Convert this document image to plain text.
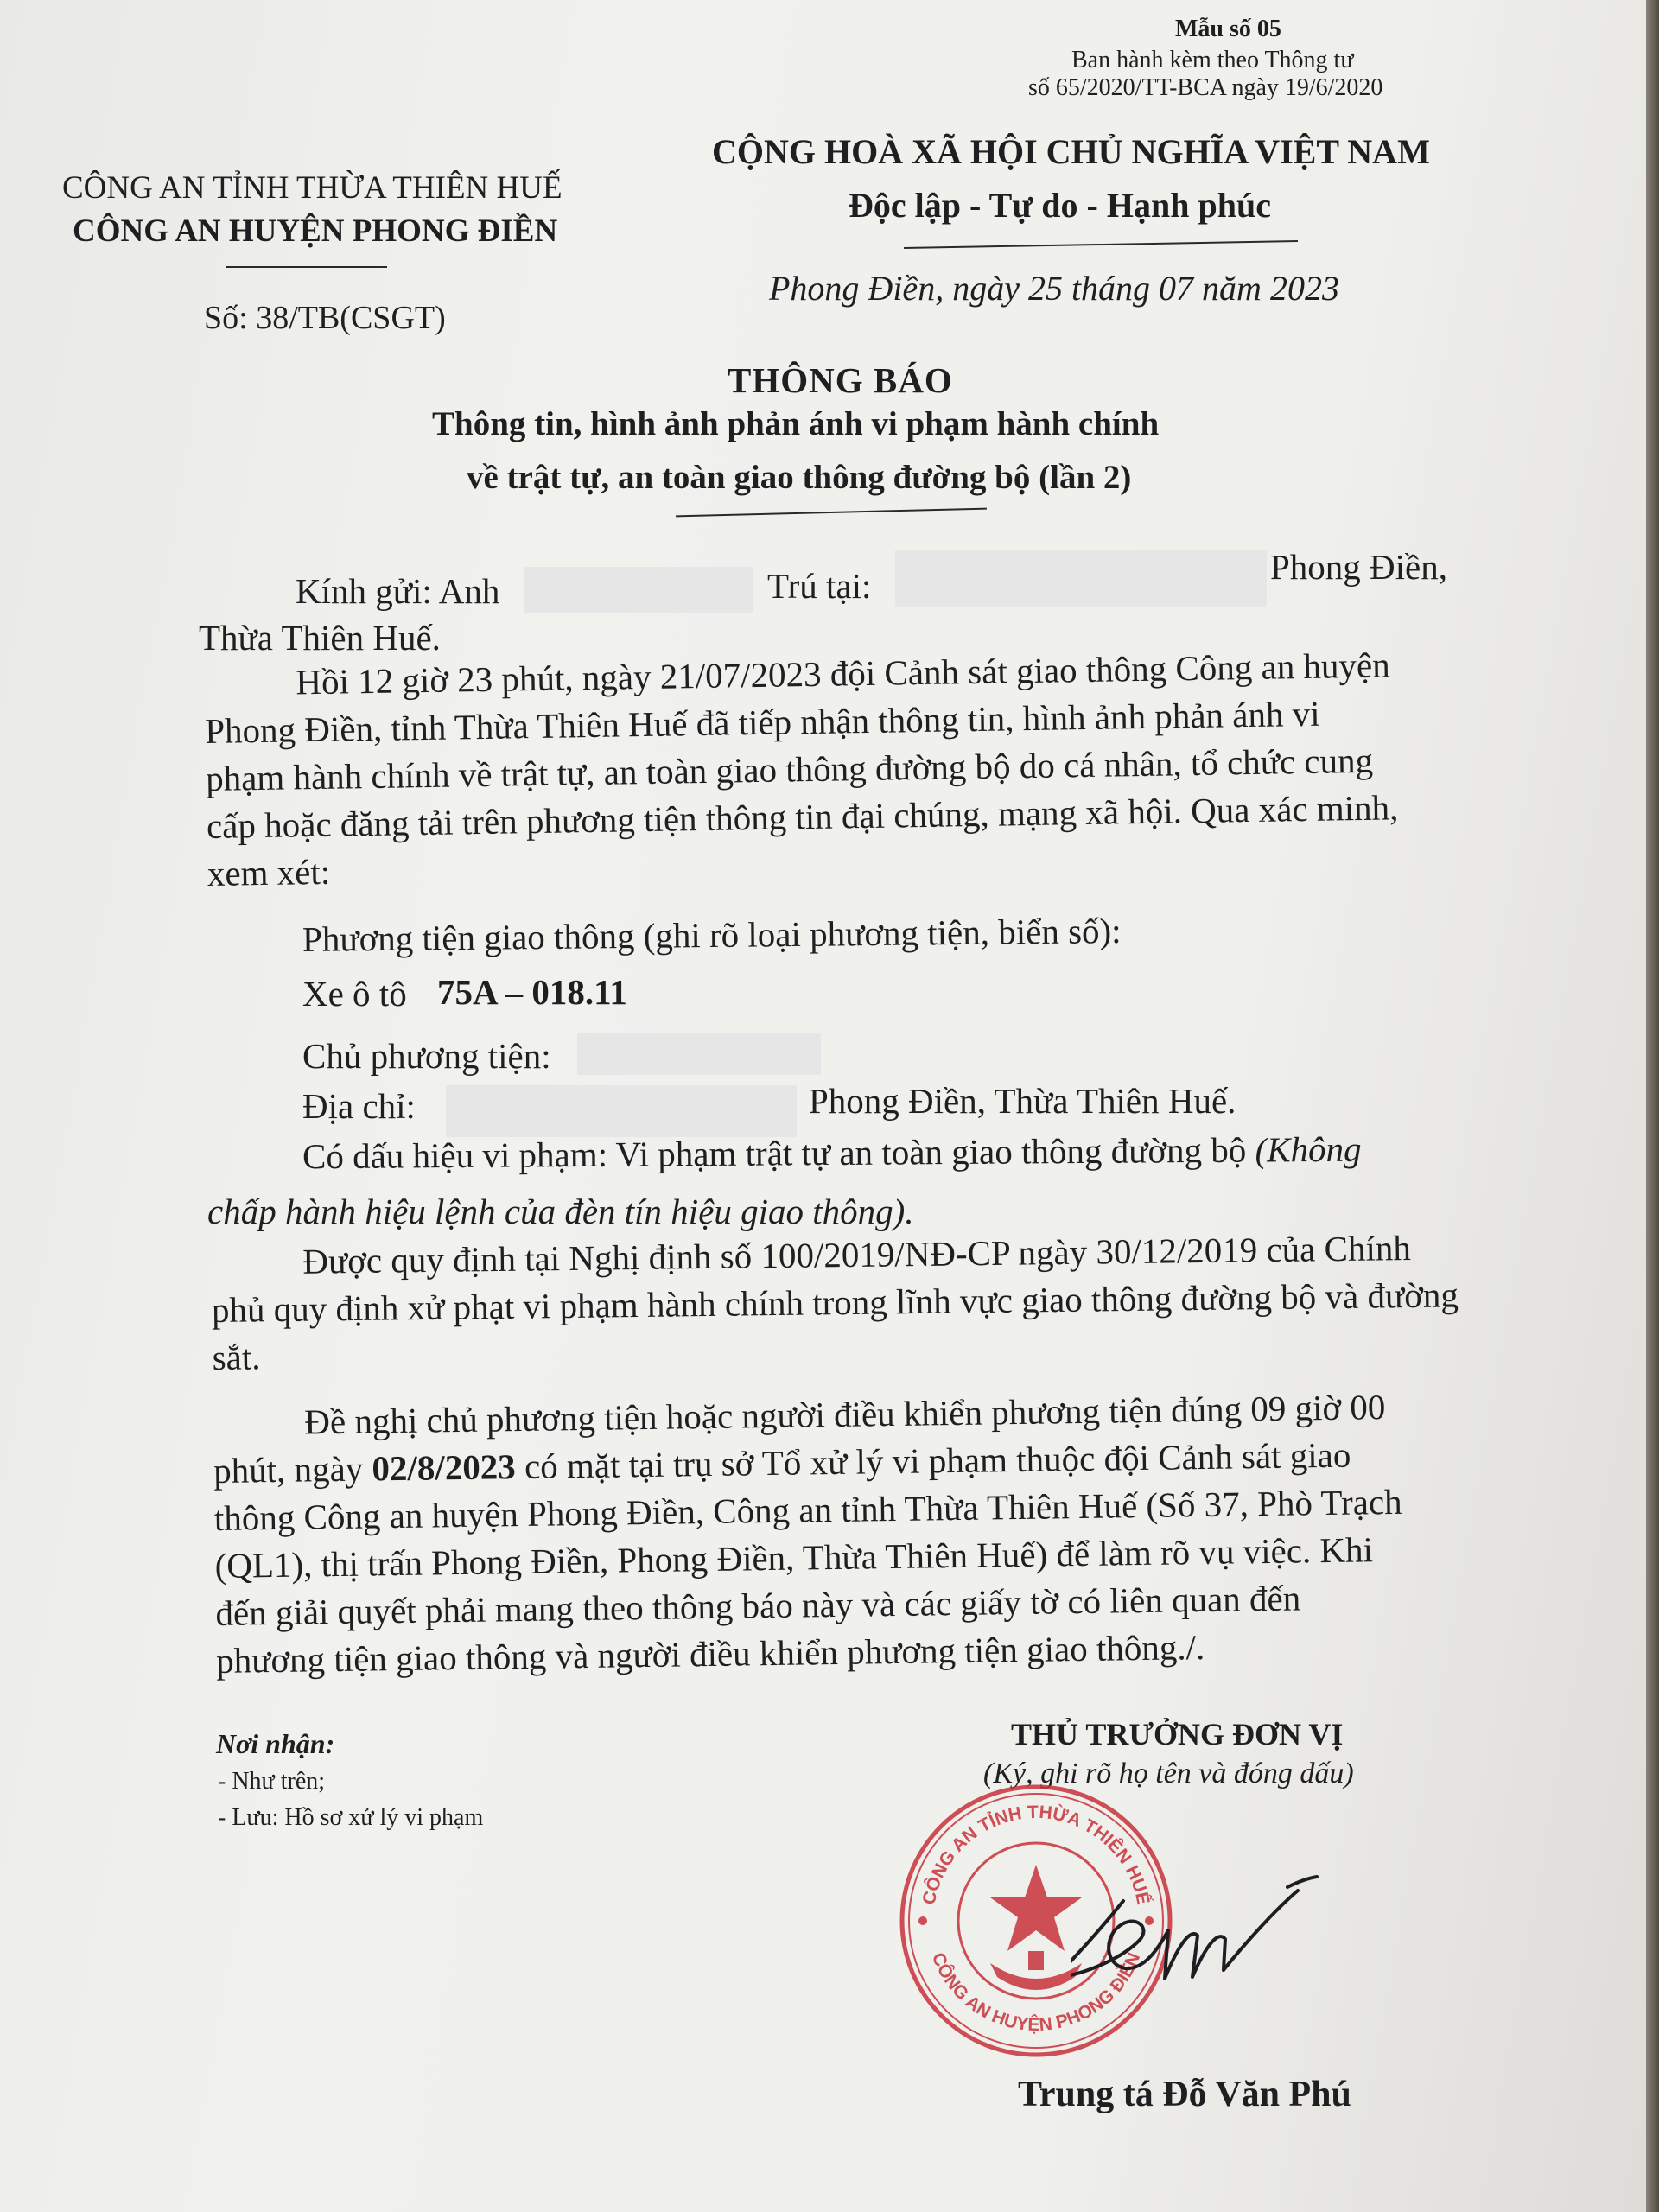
Mẫu số 05
Ban hành kèm theo Thông tư
số 65/2020/TT-BCA ngày 19/6/2020
CÔNG AN TỈNH THỪA THIÊN HUẾ
CÔNG AN HUYỆN PHONG ĐIỀN
Số: 38/TB(CSGT)
CỘNG HOÀ XÃ HỘI CHỦ NGHĨA VIỆT NAM
Độc lập - Tự do - Hạnh phúc
Phong Điền, ngày 25 tháng 07 năm 2023
THÔNG BÁO
Thông tin, hình ảnh phản ánh vi phạm hành chính
về trật tự, an toàn giao thông đường bộ (lần 2)
Kính gửi: Anh	Trú tại:	Phong Điền,
Thừa Thiên Huế.
Hồi 12 giờ 23 phút, ngày 21/07/2023 đội Cảnh sát giao thông Công an huyện
Phong Điền, tỉnh Thừa Thiên Huế đã tiếp nhận thông tin, hình ảnh phản ánh vi
phạm hành chính về trật tự, an toàn giao thông đường bộ do cá nhân, tổ chức cung
cấp hoặc đăng tải trên phương tiện thông tin đại chúng, mạng xã hội. Qua xác minh,
xem xét:
Phương tiện giao thông (ghi rõ loại phương tiện, biển số):
Xe ô tô 75A – 018.11
Chủ phương tiện:
Địa chỉ:	Phong Điền, Thừa Thiên Huế.
Có dấu hiệu vi phạm: Vi phạm trật tự an toàn giao thông đường bộ (Không
chấp hành hiệu lệnh của đèn tín hiệu giao thông).
Được quy định tại Nghị định số 100/2019/NĐ-CP ngày 30/12/2019 của Chính
phủ quy định xử phạt vi phạm hành chính trong lĩnh vực giao thông đường bộ và đường
sắt.
Đề nghị chủ phương tiện hoặc người điều khiển phương tiện đúng 09 giờ 00
phút, ngày 02/8/2023 có mặt tại trụ sở Tổ xử lý vi phạm thuộc đội Cảnh sát giao
thông Công an huyện Phong Điền, Công an tỉnh Thừa Thiên Huế (Số 37, Phò Trạch
(QL1), thị trấn Phong Điền, Phong Điền, Thừa Thiên Huế) để làm rõ vụ việc. Khi
đến giải quyết phải mang theo thông báo này và các giấy tờ có liên quan đến
phương tiện giao thông và người điều khiển phương tiện giao thông./.
Nơi nhận:
- Như trên;
- Lưu: Hồ sơ xử lý vi phạm
THỦ TRƯỞNG ĐƠN VỊ
(Ký, ghi rõ họ tên và đóng dấu)
CÔNG AN TỈNH THỪA THIÊN HUẾ
CÔNG AN HUYỆN PHONG ĐIỀN
Trung tá Đỗ Văn Phú
